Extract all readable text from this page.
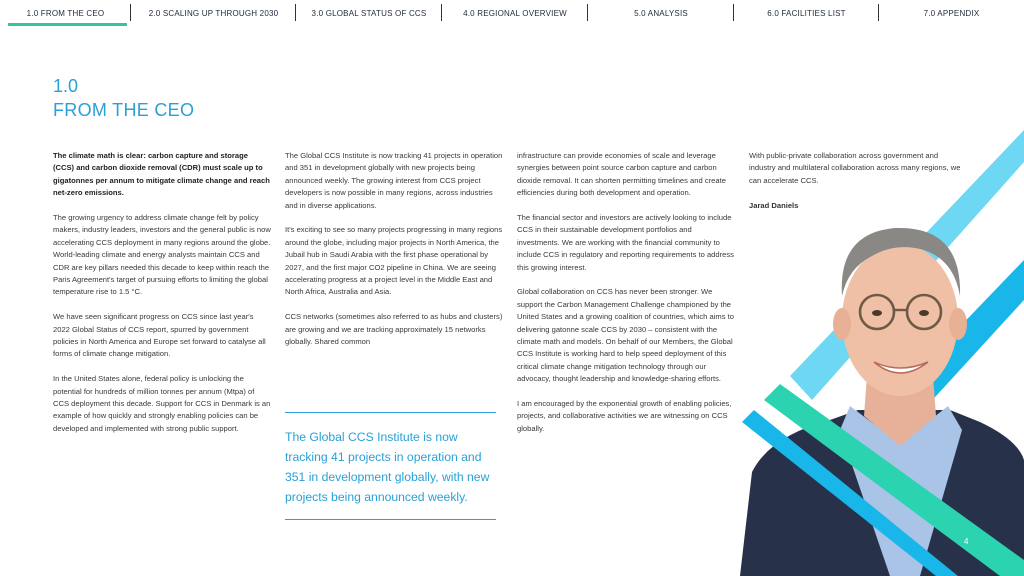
1.0 FROM THE CEO	2.0 SCALING UP THROUGH 2030	3.0 GLOBAL STATUS OF CCS	4.0 REGIONAL OVERVIEW	5.0 ANALYSIS	6.0 FACILITIES LIST	7.0 APPENDIX
1.0
FROM THE CEO

The climate math is clear: carbon capture and storage (CCS) and carbon dioxide removal (CDR) must scale up to gigatonnes per annum to mitigate climate change and reach net-zero emissions.

The growing urgency to address climate change felt by policy makers, industry leaders, investors and the general public is now accelerating CCS deployment in many regions around the globe. World-leading climate and energy analysts maintain CCS and CDR are key pillars needed this decade to keep within reach the Paris Agreement's target of pursuing efforts to limiting the global temperature rise to 1.5 °C.

We have seen significant progress on CCS since last year's 2022 Global Status of CCS report, spurred by government policies in North America and Europe set forward to catalyse all forms of climate change mitigation.

In the United States alone, federal policy is unlocking the potential for hundreds of million tonnes per annum (Mtpa) of CCS deployment this decade. Support for CCS in Denmark is an example of how quickly and strongly enabling policies can be developed and implemented with strong public support.

The Global CCS Institute is now tracking 41 projects in operation and 351 in development globally with new projects being announced weekly. The growing interest from CCS project developers is now possible in many regions, across industries and in diverse applications.

It's exciting to see so many projects progressing in many regions around the globe, including major projects in North America, the Jubail hub in Saudi Arabia with the first phase operational by 2027, and the first major CO2 pipeline in China. We are seeing accelerating progress at a project level in the Middle East and North Africa, Australia and Asia.

CCS networks (sometimes also referred to as hubs and clusters) are growing and we are tracking approximately 15 networks globally. Shared common

The Global CCS Institute is now tracking 41 projects in operation and 351 in development globally, with new projects being announced weekly.

infrastructure can provide economies of scale and leverage synergies between point source carbon capture and carbon dioxide removal. It can shorten permitting timelines and create efficiencies during both development and operation.

The financial sector and investors are actively looking to include CCS in their sustainable development portfolios and investments. We are working with the financial community to include CCS in regulatory and reporting requirements to address this growing interest.

Global collaboration on CCS has never been stronger. We support the Carbon Management Challenge championed by the United States and a growing coalition of countries, which aims to delivering gatonne scale CCS by 2030 – consistent with the climate math and models. On behalf of our Members, the Global CCS Institute is working hard to help speed deployment of this critical climate change mitigation technology through our advocacy, thought leadership and knowledge-sharing efforts.

I am encouraged by the exponential growth of enabling policies, projects, and collaborative activities we are witnessing on CCS globally.

With public-private collaboration across government and industry and multilateral collaboration across many regions, we can accelerate CCS.

Jarad Daniels

4
